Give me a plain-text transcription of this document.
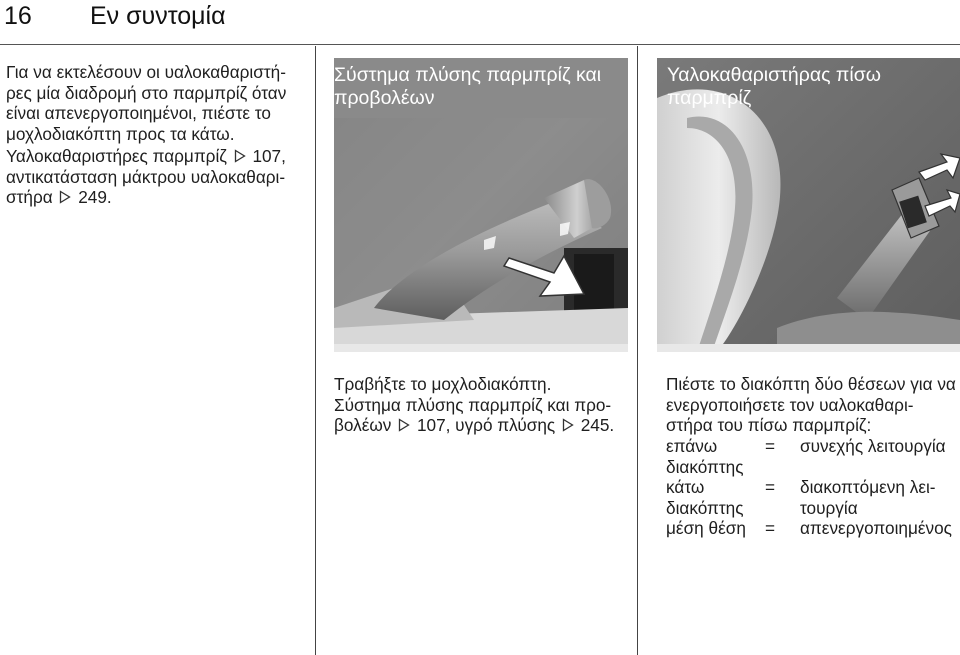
16 Εν συντομία

Για να εκτελέσουν οι υαλοκαθαριστή- ρες μία διαδρομή στο παρμπρίζ όταν είναι απενεργοποιημένοι, πιέστε το μοχλοδιακόπτη προς τα κάτω.

Υαλοκαθαριστήρες παρμπρίζ 107, αντικατάσταση μάκτρου υαλοκαθαρι- στήρα 249.

Σύστημα πλύσης παρμπρίζ και
προβολέων

Τραβήξτε το μοχλοδιακόπτη.
Σύστημα πλύσης παρμπρίζ και προ-
βολέων 107, υγρό πλύσης 245.

Υαλοκαθαριστήρας πίσω
παρμπρίζ

Πιέστε το διακόπτη δύο θέσεων για να
ενεργοποιήσετε τον υαλοκαθαρι-
στήρα του πίσω παρμπρίζ:
επάνω διακόπτης	=	συνεχής λειτουργία
κάτω διακόπτης	=	διακοπτόμενη λει- τουργία
μέση θέση	=	απενεργοποιημένος
